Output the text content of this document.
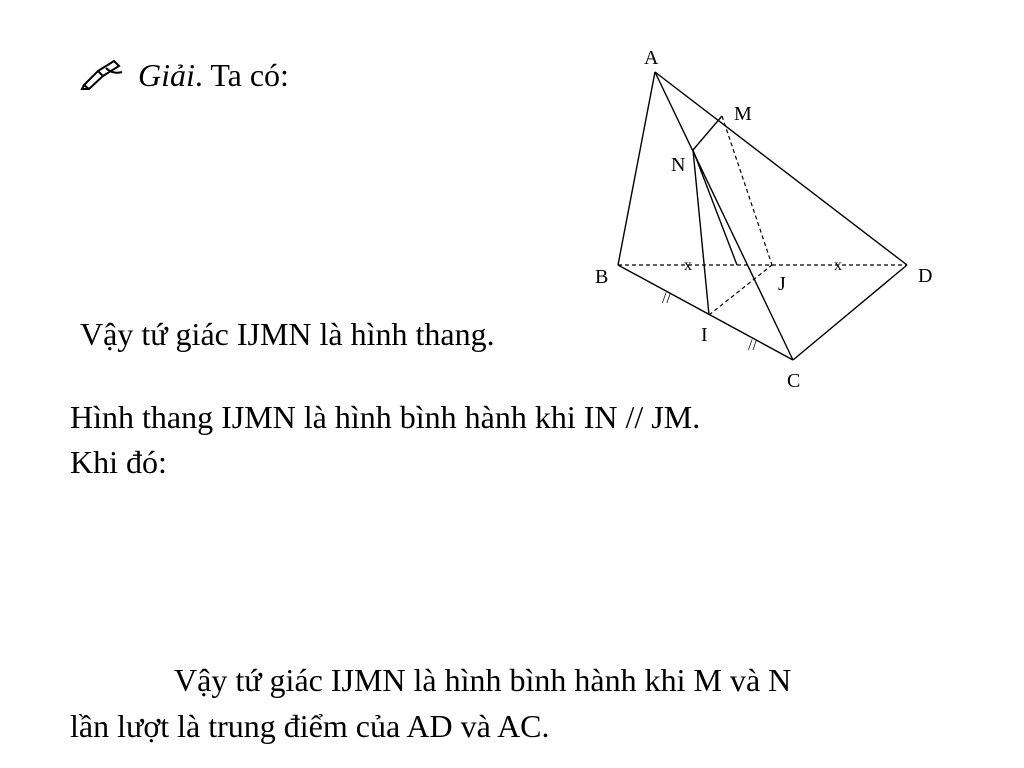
Giải. Ta có:
Vậy tứ giác IJMN là hình thang.
Hình thang IJMN là hình bình hành khi IN // JM.
Khi đó:
Vậy tứ giác IJMN là hình bình hành khi M và N
lần lượt là trung điểm của AD và AC.
A
M
N
B	J	D
I
C
x	x
//
//
